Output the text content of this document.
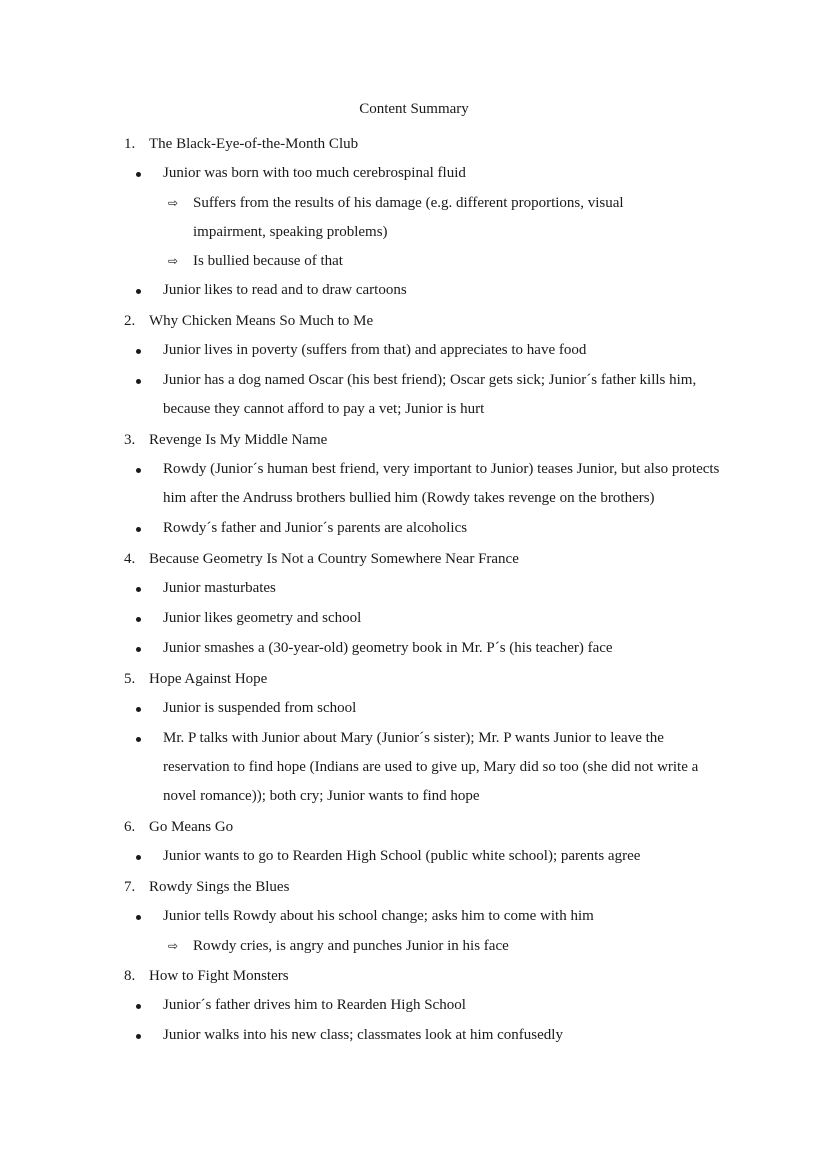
Content Summary
1. The Black-Eye-of-the-Month Club
Junior was born with too much cerebrospinal fluid
⇨ Suffers from the results of his damage (e.g. different proportions, visual impairment, speaking problems)
⇨ Is bullied because of that
Junior likes to read and to draw cartoons
2. Why Chicken Means So Much to Me
Junior lives in poverty (suffers from that) and appreciates to have food
Junior has a dog named Oscar (his best friend); Oscar gets sick; Junior´s father kills him, because they cannot afford to pay a vet; Junior is hurt
3. Revenge Is My Middle Name
Rowdy (Junior´s human best friend, very important to Junior) teases Junior, but also protects him after the Andruss brothers bullied him (Rowdy takes revenge on the brothers)
Rowdy´s father and Junior´s parents are alcoholics
4. Because Geometry Is Not a Country Somewhere Near France
Junior masturbates
Junior likes geometry and school
Junior smashes a (30-year-old) geometry book in Mr. P´s (his teacher) face
5. Hope Against Hope
Junior is suspended from school
Mr. P talks with Junior about Mary (Junior´s sister); Mr. P wants Junior to leave the reservation to find hope (Indians are used to give up, Mary did so too (she did not write a novel romance)); both cry; Junior wants to find hope
6. Go Means Go
Junior wants to go to Rearden High School (public white school); parents agree
7. Rowdy Sings the Blues
Junior tells Rowdy about his school change; asks him to come with him
⇨ Rowdy cries, is angry and punches Junior in his face
8. How to Fight Monsters
Junior´s father drives him to Rearden High School
Junior walks into his new class; classmates look at him confusedly
